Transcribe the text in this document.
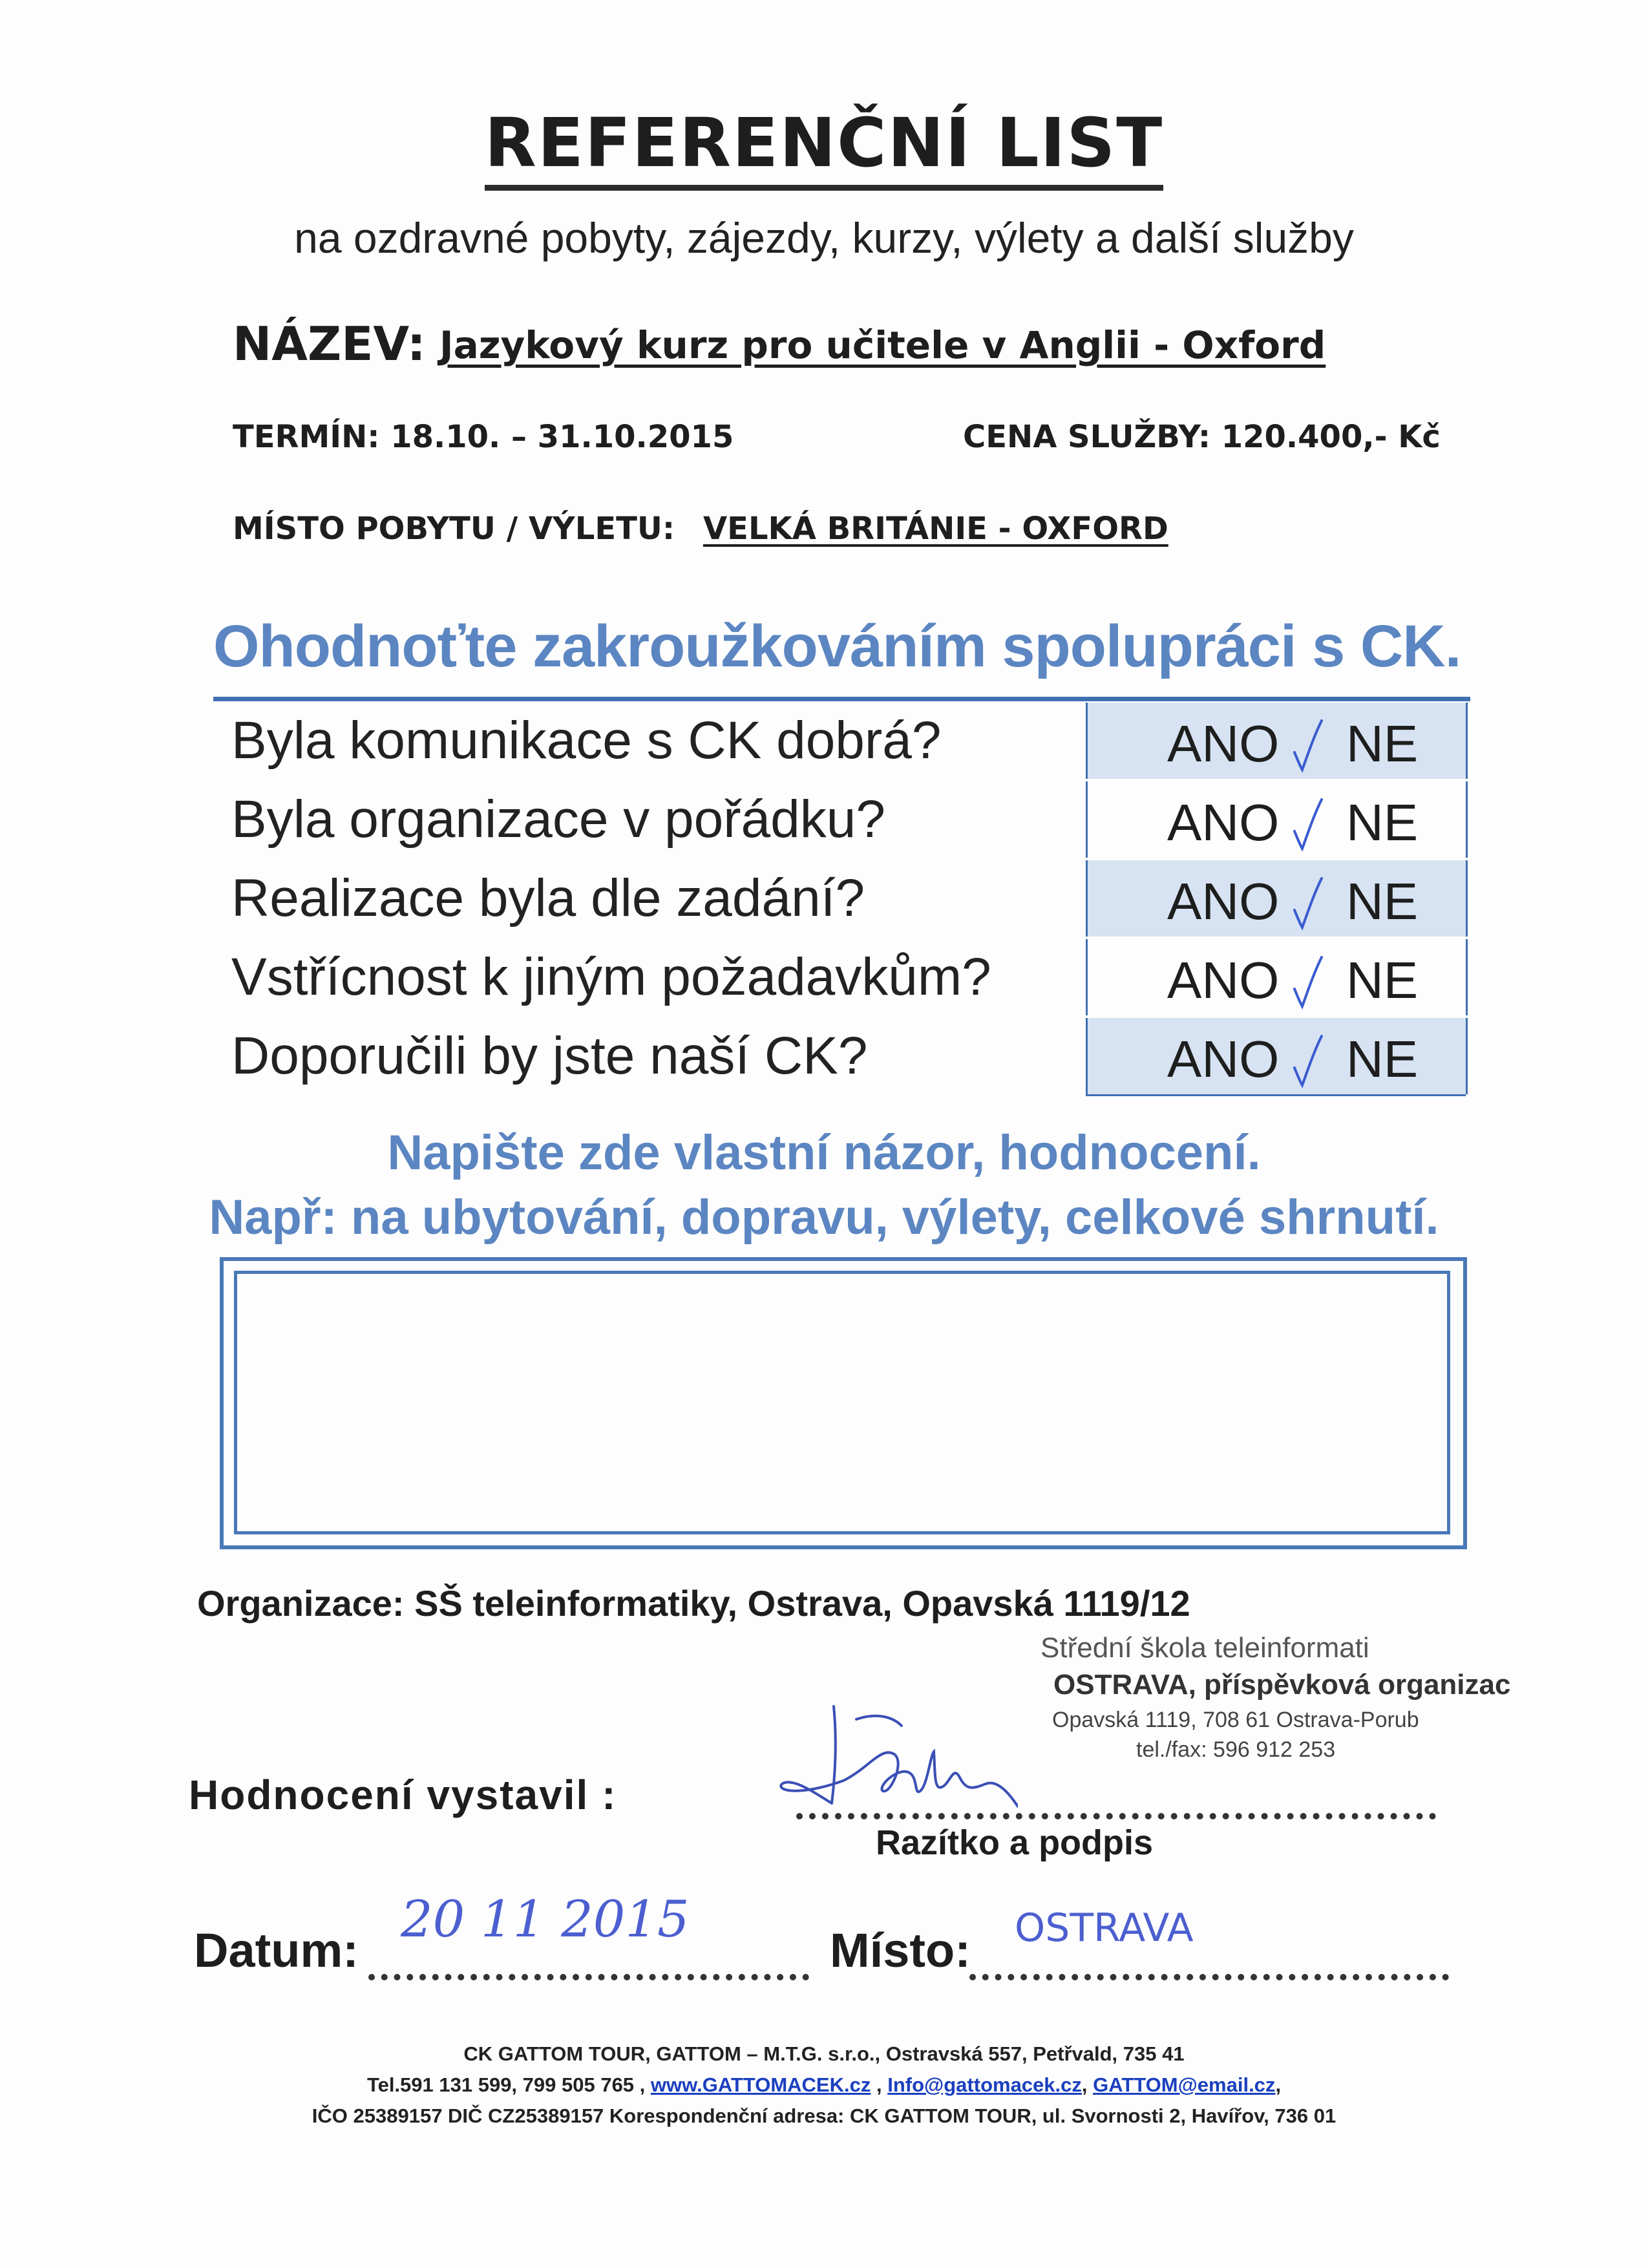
REFERENČNÍ LIST
na ozdravné pobyty, zájezdy, kurzy, výlety a další služby
NÁZEV: Jazykový kurz pro učitele v Anglii - Oxford
TERMÍN: 18.10. – 31.10.2015	CENA SLUŽBY: 120.400,- Kč
MÍSTO POBYTU / VÝLETU: VELKÁ BRITÁNIE - OXFORD
Ohodnoťte zakroužkováním spolupráci s CK.
Byla komunikace s CK dobrá?	ANO NE
Byla organizace v pořádku?	ANO NE
Realizace byla dle zadání?	ANO NE
Vstřícnost k jiným požadavkům?	ANO NE
Doporučili by jste naší CK?	ANO NE
Napište zde vlastní názor, hodnocení.
Např: na ubytování, dopravu, výlety, celkové shrnutí.
Organizace: SŠ teleinformatiky, Ostrava, Opavská 1119/12
Střední škola teleinformati
OSTRAVA, příspěvková organizac
Opavská 1119, 708 61 Ostrava-Porub
tel./fax: 596 912 253
Hodnocení vystavil :
Razítko a podpis
Datum:
20 11 2015
Místo: OSTRAVA
CK GATTOM TOUR, GATTOM – M.T.G. s.r.o., Ostravská 557, Petřvald, 735 41
Tel.591 131 599, 799 505 765 , www.GATTOMACEK.cz , Info@gattomacek.cz, GATTOM@email.cz,
IČO 25389157 DIČ CZ25389157 Korespondenční adresa: CK GATTOM TOUR, ul. Svornosti 2, Havířov, 736 01
